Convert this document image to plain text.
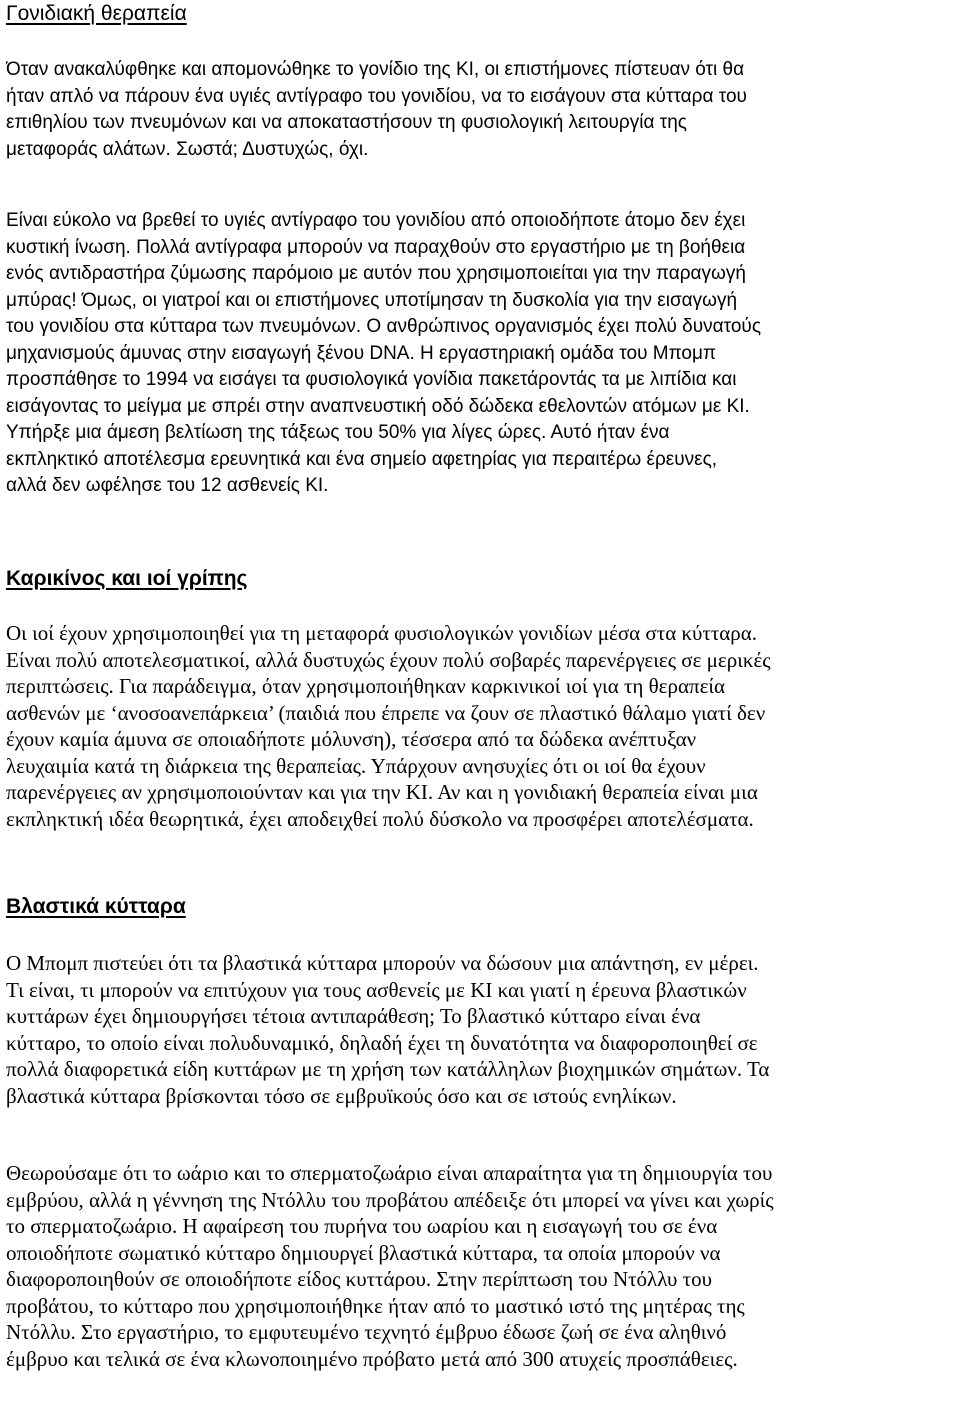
Γονιδιακή θεραπεία
Όταν ανακαλύφθηκε και απομονώθηκε το γονίδιο της ΚΙ, οι επιστήμονες πίστευαν ότι θα
ήταν απλό να πάρουν ένα υγιές αντίγραφο του γονιδίου, να το εισάγουν στα κύτταρα του
επιθηλίου των πνευμόνων και να αποκαταστήσουν τη φυσιολογική λειτουργία της
μεταφοράς αλάτων. Σωστά; Δυστυχώς, όχι.
Είναι εύκολο να βρεθεί το υγιές αντίγραφο του γονιδίου από οποιοδήποτε άτομο δεν έχει
κυστική ίνωση. Πολλά αντίγραφα μπορούν να παραχθούν στο εργαστήριο με τη βοήθεια
ενός αντιδραστήρα ζύμωσης παρόμοιο με αυτόν που χρησιμοποιείται για την παραγωγή
μπύρας! Όμως, οι γιατροί και οι επιστήμονες υποτίμησαν τη δυσκολία για την εισαγωγή
του γονιδίου στα κύτταρα των πνευμόνων. Ο ανθρώπινος οργανισμός έχει πολύ δυνατούς
μηχανισμούς άμυνας στην εισαγωγή ξένου DNA. Η εργαστηριακή ομάδα του Μπομπ
προσπάθησε το 1994 να εισάγει τα φυσιολογικά γονίδια πακετάροντάς τα με λιπίδια και
εισάγοντας το μείγμα με σπρέι στην αναπνευστική οδό δώδεκα εθελοντών ατόμων με ΚΙ.
Υπήρξε μια άμεση βελτίωση της τάξεως του 50% για λίγες ώρες. Αυτό ήταν ένα
εκπληκτικό αποτέλεσμα ερευνητικά και ένα σημείο αφετηρίας για περαιτέρω έρευνες,
αλλά δεν ωφέλησε του 12 ασθενείς ΚΙ.
Καρικίνος και ιοί γρίπης
Οι ιοί έχουν χρησιμοποιηθεί για τη μεταφορά φυσιολογικών γονιδίων μέσα στα κύτταρα.
Είναι πολύ αποτελεσματικοί, αλλά δυστυχώς έχουν πολύ σοβαρές παρενέργειες σε μερικές
περιπτώσεις. Για παράδειγμα, όταν χρησιμοποιήθηκαν καρκινικοί ιοί για τη θεραπεία
ασθενών με ‘ανοσοανεπάρκεια’ (παιδιά που έπρεπε να ζουν σε πλαστικό θάλαμο γιατί δεν
έχουν καμία άμυνα σε οποιαδήποτε μόλυνση), τέσσερα από τα δώδεκα ανέπτυξαν
λευχαιμία κατά τη διάρκεια της θεραπείας. Υπάρχουν ανησυχίες ότι οι ιοί θα έχουν
παρενέργειες αν χρησιμοποιούνταν και για την ΚΙ. Αν και η γονιδιακή θεραπεία είναι μια
εκπληκτική ιδέα θεωρητικά, έχει αποδειχθεί πολύ δύσκολο να προσφέρει αποτελέσματα.
Βλαστικά κύτταρα
Ο Μπομπ πιστεύει ότι τα βλαστικά κύτταρα μπορούν να δώσουν μια απάντηση, εν μέρει.
Τι είναι, τι μπορούν να επιτύχουν για τους ασθενείς με ΚΙ και γιατί η έρευνα βλαστικών
κυττάρων έχει δημιουργήσει τέτοια αντιπαράθεση; Το βλαστικό κύτταρο είναι ένα
κύτταρο, το οποίο είναι πολυδυναμικό, δηλαδή έχει τη δυνατότητα να διαφοροποιηθεί σε
πολλά διαφορετικά είδη κυττάρων με τη χρήση των κατάλληλων βιοχημικών σημάτων. Τα
βλαστικά κύτταρα βρίσκονται τόσο σε εμβρυϊκούς όσο και σε ιστούς ενηλίκων.
Θεωρούσαμε ότι το ωάριο και το σπερματοζωάριο είναι απαραίτητα για τη δημιουργία του
εμβρύου, αλλά η γέννηση της Ντόλλυ του προβάτου απέδειξε ότι μπορεί να γίνει και χωρίς
το σπερματοζωάριο. Η αφαίρεση του πυρήνα του ωαρίου και η εισαγωγή του σε ένα
οποιοδήποτε σωματικό κύτταρο δημιουργεί βλαστικά κύτταρα, τα οποία μπορούν να
διαφοροποιηθούν σε οποιοδήποτε είδος κυττάρου. Στην περίπτωση του Ντόλλυ του
προβάτου, το κύτταρο που χρησιμοποιήθηκε ήταν από το μαστικό ιστό της μητέρας της
Ντόλλυ. Στο εργαστήριο, το εμφυτευμένο τεχνητό έμβρυο έδωσε ζωή σε ένα αληθινό
έμβρυο και τελικά σε ένα κλωνοποιημένο πρόβατο μετά από 300 ατυχείς προσπάθειες.
